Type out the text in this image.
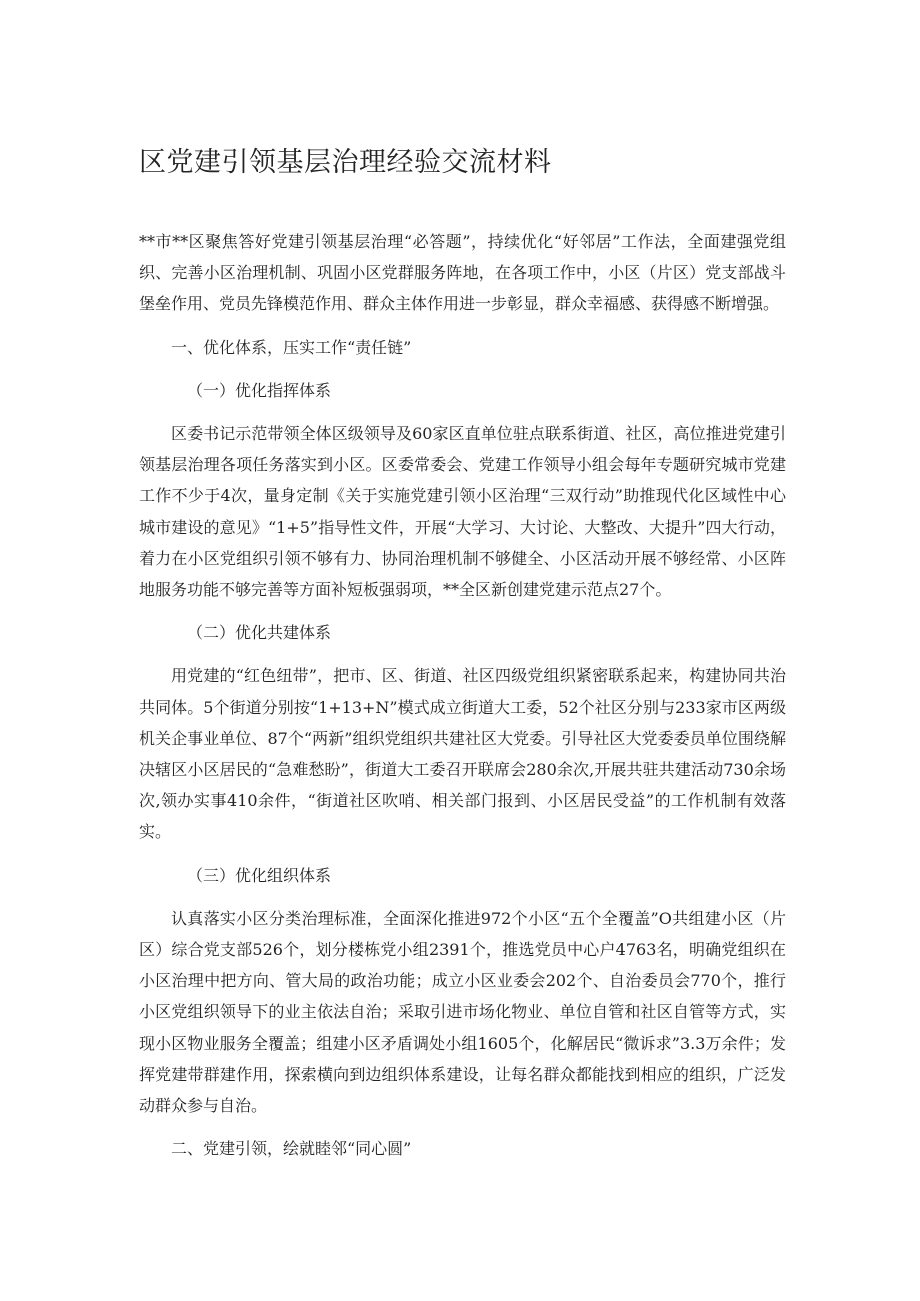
区党建引领基层治理经验交流材料

**市**区聚焦答好党建引领基层治理“必答题”，持续优化“好邻居”工作法，全面建强党组织、完善小区治理机制、巩固小区党群服务阵地，在各项工作中，小区（片区）党支部战斗堡垒作用、党员先锋模范作用、群众主体作用进一步彰显，群众幸福感、获得感不断增强。

一、优化体系，压实工作“责任链”

（一）优化指挥体系

区委书记示范带领全体区级领导及60家区直单位驻点联系街道、社区，高位推进党建引领基层治理各项任务落实到小区。区委常委会、党建工作领导小组会每年专题研究城市党建工作不少于4次，量身定制《关于实施党建引领小区治理“三双行动”助推现代化区域性中心城市建设的意见》“1+5”指导性文件，开展“大学习、大讨论、大整改、大提升”四大行动，着力在小区党组织引领不够有力、协同治理机制不够健全、小区活动开展不够经常、小区阵地服务功能不够完善等方面补短板强弱项，**全区新创建党建示范点27个。

（二）优化共建体系

用党建的“红色纽带”，把市、区、街道、社区四级党组织紧密联系起来，构建协同共治共同体。5个街道分别按“1+13+N”模式成立街道大工委，52个社区分别与233家市区两级机关企事业单位、87个“两新”组织党组织共建社区大党委。引导社区大党委委员单位围绕解决辖区小区居民的“急难愁盼”，街道大工委召开联席会280余次,开展共驻共建活动730余场次,领办实事410余件，“街道社区吹哨、相关部门报到、小区居民受益”的工作机制有效落实。

（三）优化组织体系

认真落实小区分类治理标准，全面深化推进972个小区“五个全覆盖”O共组建小区（片区）综合党支部526个，划分楼栋党小组2391个，推选党员中心户4763名，明确党组织在小区治理中把方向、管大局的政治功能；成立小区业委会202个、自治委员会770个，推行小区党组织领导下的业主依法自治；采取引进市场化物业、单位自管和社区自管等方式，实现小区物业服务全覆盖；组建小区矛盾调处小组1605个，化解居民“微诉求”3.3万余件；发挥党建带群建作用，探索横向到边组织体系建设，让每名群众都能找到相应的组织，广泛发动群众参与自治。

二、党建引领，绘就睦邻“同心圆”
